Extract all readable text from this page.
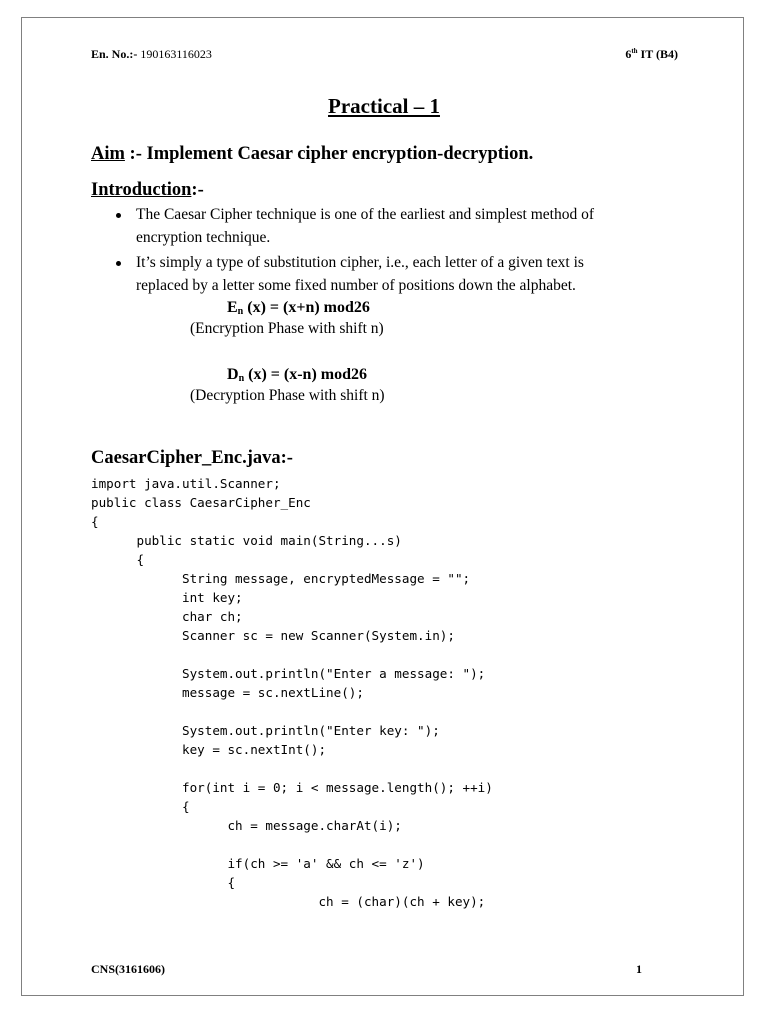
En. No.:- 190163116023	6th IT (B4)
Practical – 1
Aim :- Implement Caesar cipher encryption-decryption.
Introduction:-
The Caesar Cipher technique is one of the earliest and simplest method of
encryption technique.
It’s simply a type of substitution cipher, i.e., each letter of a given text is
replaced by a letter some fixed number of positions down the alphabet.
$E_n$ (x) = (x+n) mod26
(Encryption Phase with shift n)
$D_n$ (x) = (x-n) mod26
(Decryption Phase with shift n)
CaesarCipher_Enc.java:-
import java.util.Scanner;
public class CaesarCipher_Enc
{
public static void main(String...s)
{
String message, encryptedMessage = "";
int key;
char ch;
Scanner sc = new Scanner(System.in);
System.out.println("Enter a message: ");
message = sc.nextLine();
System.out.println("Enter key: ");
key = sc.nextInt();
for(int i = 0; i < message.length(); ++i)
{
ch = message.charAt(i);
if(ch >= 'a' && ch <= 'z')
{
ch = (char)(ch + key);
CNS(3161606)	1
